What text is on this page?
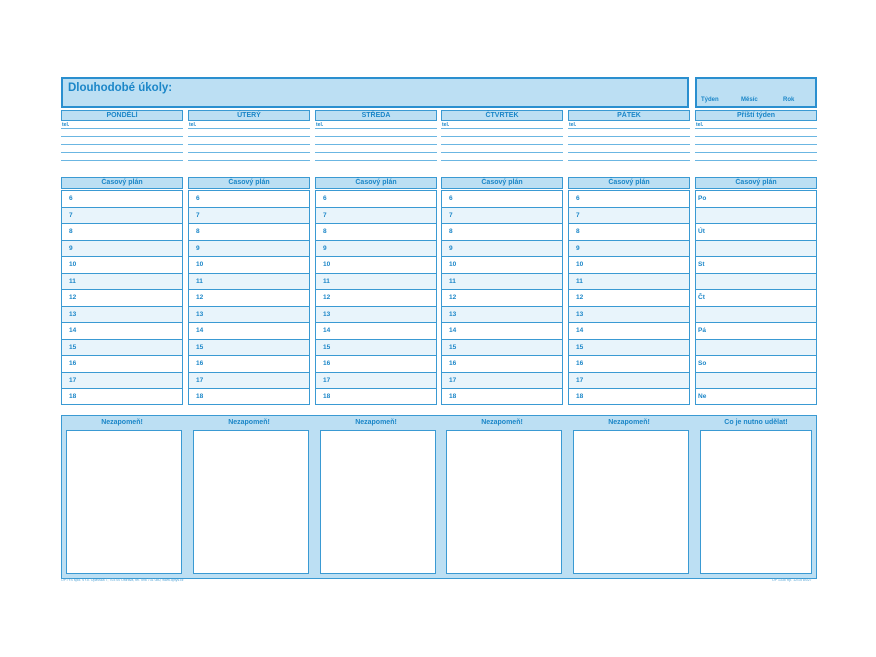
Dlouhodobé úkoly:
Týden	Měsíc	Rok
PONDĚLÍ
tel.
Časový plán
6
7
8
9
10
11
12
13
14
15
16
17
18
ÚTERÝ
tel.
Časový plán
6
7
8
9
10
11
12
13
14
15
16
17
18
STŘEDA
tel.
Časový plán
6
7
8
9
10
11
12
13
14
15
16
17
18
ČTVRTEK
tel.
Časový plán
6
7
8
9
10
11
12
13
14
15
16
17
18
PÁTEK
tel.
Časový plán
6
7
8
9
10
11
12
13
14
15
16
17
18
Příští týden
tel.
Časový plán
Po
Út
St
Čt
Pá
So
Ne
Nezapomeň!	Nezapomeň!	Nezapomeň!	Nezapomeň!	Nezapomeň!	Co je nutno udělat!
OPTYS spol. s r.o. Opavská 7, 703 00 Ostrava, tel. 596 731 080, www.optys.cz	OP 1335 Rp. 12/15 8/027
